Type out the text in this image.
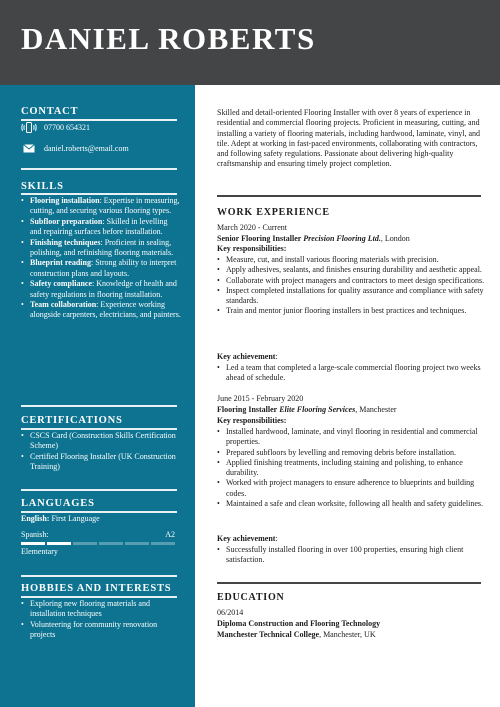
DANIEL ROBERTS
CONTACT
07700 654321
daniel.roberts@email.com
SKILLS
• Flooring installation: Expertise in measuring, cutting, and securing various flooring types.
• Subfloor preparation: Skilled in levelling and repairing surfaces before installation.
• Finishing techniques: Proficient in sealing, polishing, and refinishing flooring materials.
• Blueprint reading: Strong ability to interpret construction plans and layouts.
• Safety compliance: Knowledge of health and safety regulations in flooring installation.
• Team collaboration: Experience working alongside carpenters, electricians, and painters.
CERTIFICATIONS
• CSCS Card (Construction Skills Certification Scheme)
• Certified Flooring Installer (UK Construction Training)
LANGUAGES
English: First Language
Spanish:	A2
Elementary
HOBBIES AND INTERESTS
• Exploring new flooring materials and installation techniques
• Volunteering for community renovation projects

Skilled and detail-oriented Flooring Installer with over 8 years of experience in residential and commercial flooring projects. Proficient in measuring, cutting, and installing a variety of flooring materials, including hardwood, laminate, vinyl, and tile. Adept at working in fast-paced environments, collaborating with contractors, and following safety regulations. Passionate about delivering high-quality craftsmanship and ensuring timely project completion.

WORK EXPERIENCE

March 2020 - Current

Senior Flooring Installer Precision Flooring Ltd., London

Key responsibilities:

• Measure, cut, and install various flooring materials with precision.
• Apply adhesives, sealants, and finishes ensuring durability and aesthetic appeal.
• Collaborate with project managers and contractors to meet design specifications.
• Inspect completed installations for quality assurance and compliance with safety standards.
• Train and mentor junior flooring installers in best practices and techniques.

Key achievement:

• Led a team that completed a large-scale commercial flooring project two weeks ahead of schedule.

June 2015 - February 2020

Flooring Installer Elite Flooring Services, Manchester

Key responsibilities:

• Installed hardwood, laminate, and vinyl flooring in residential and commercial properties.
• Prepared subfloors by levelling and removing debris before installation.
• Applied finishing treatments, including staining and polishing, to enhance durability.
• Worked with project managers to ensure adherence to blueprints and building codes.
• Maintained a safe and clean worksite, following all health and safety guidelines.

Key achievement:

• Successfully installed flooring in over 100 properties, ensuring high client satisfaction.
EDUCATION

06/2014

Diploma Construction and Flooring Technology

Manchester Technical College, Manchester, UK
